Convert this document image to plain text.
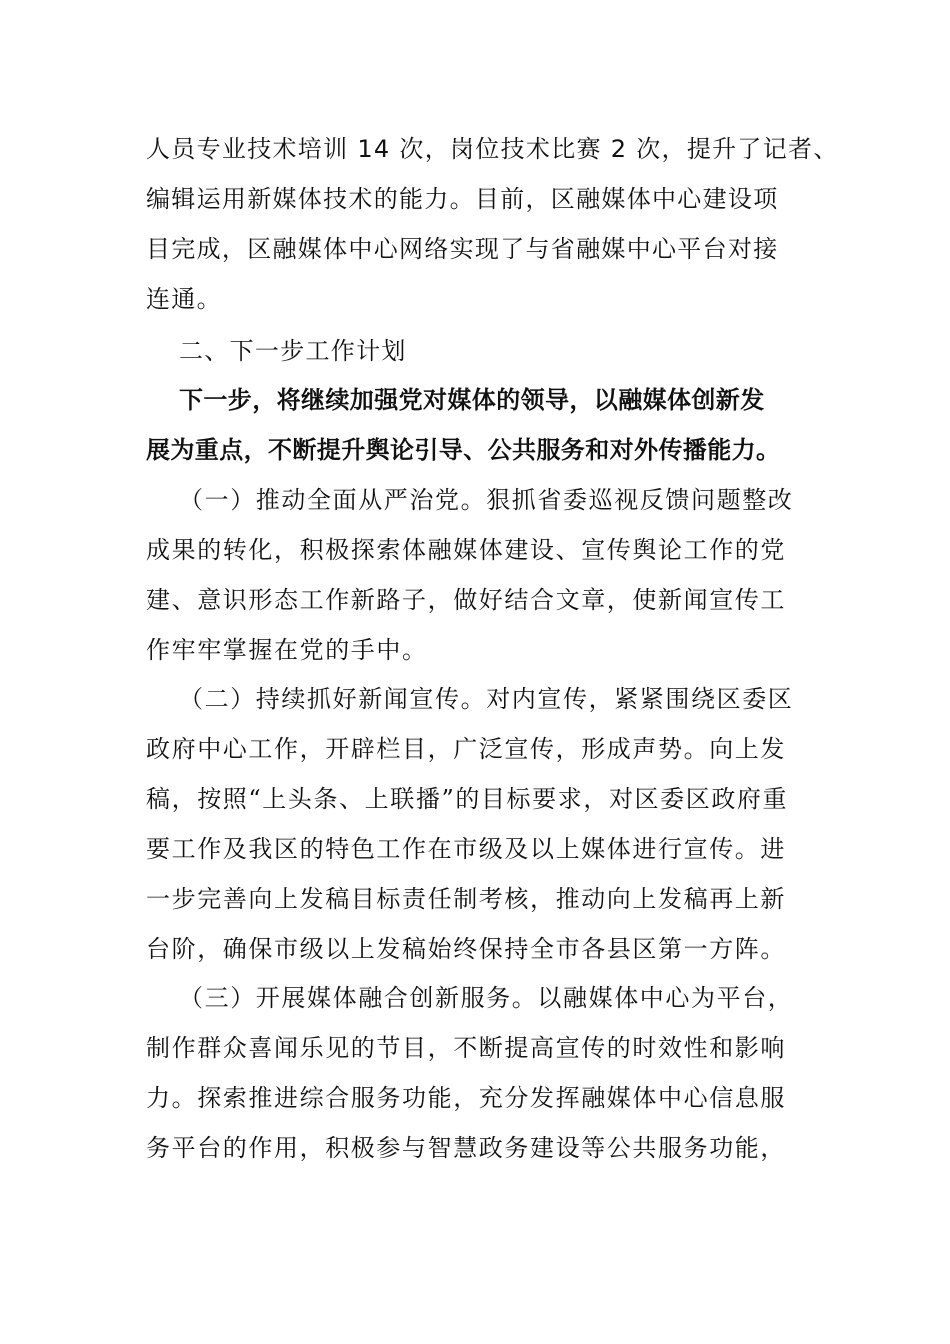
人员专业技术培训 14 次，岗位技术比赛 2 次，提升了记者、
编辑运用新媒体技术的能力。目前，区融媒体中心建设项
目完成，区融媒体中心网络实现了与省融媒中心平台对接
连通。
二、下一步工作计划
下一步，将继续加强党对媒体的领导，以融媒体创新发
展为重点，不断提升舆论引导、公共服务和对外传播能力。
（一）推动全面从严治党。狠抓省委巡视反馈问题整改
成果的转化，积极探索体融媒体建设、宣传舆论工作的党
建、意识形态工作新路子，做好结合文章，使新闻宣传工
作牢牢掌握在党的手中。
（二）持续抓好新闻宣传。对内宣传，紧紧围绕区委区
政府中心工作，开辟栏目，广泛宣传，形成声势。向上发
稿，按照“上头条、上联播”的目标要求，对区委区政府重
要工作及我区的特色工作在市级及以上媒体进行宣传。进
一步完善向上发稿目标责任制考核，推动向上发稿再上新
台阶，确保市级以上发稿始终保持全市各县区第一方阵。
（三）开展媒体融合创新服务。以融媒体中心为平台，
制作群众喜闻乐见的节目，不断提高宣传的时效性和影响
力。探索推进综合服务功能，充分发挥融媒体中心信息服
务平台的作用，积极参与智慧政务建设等公共服务功能，
